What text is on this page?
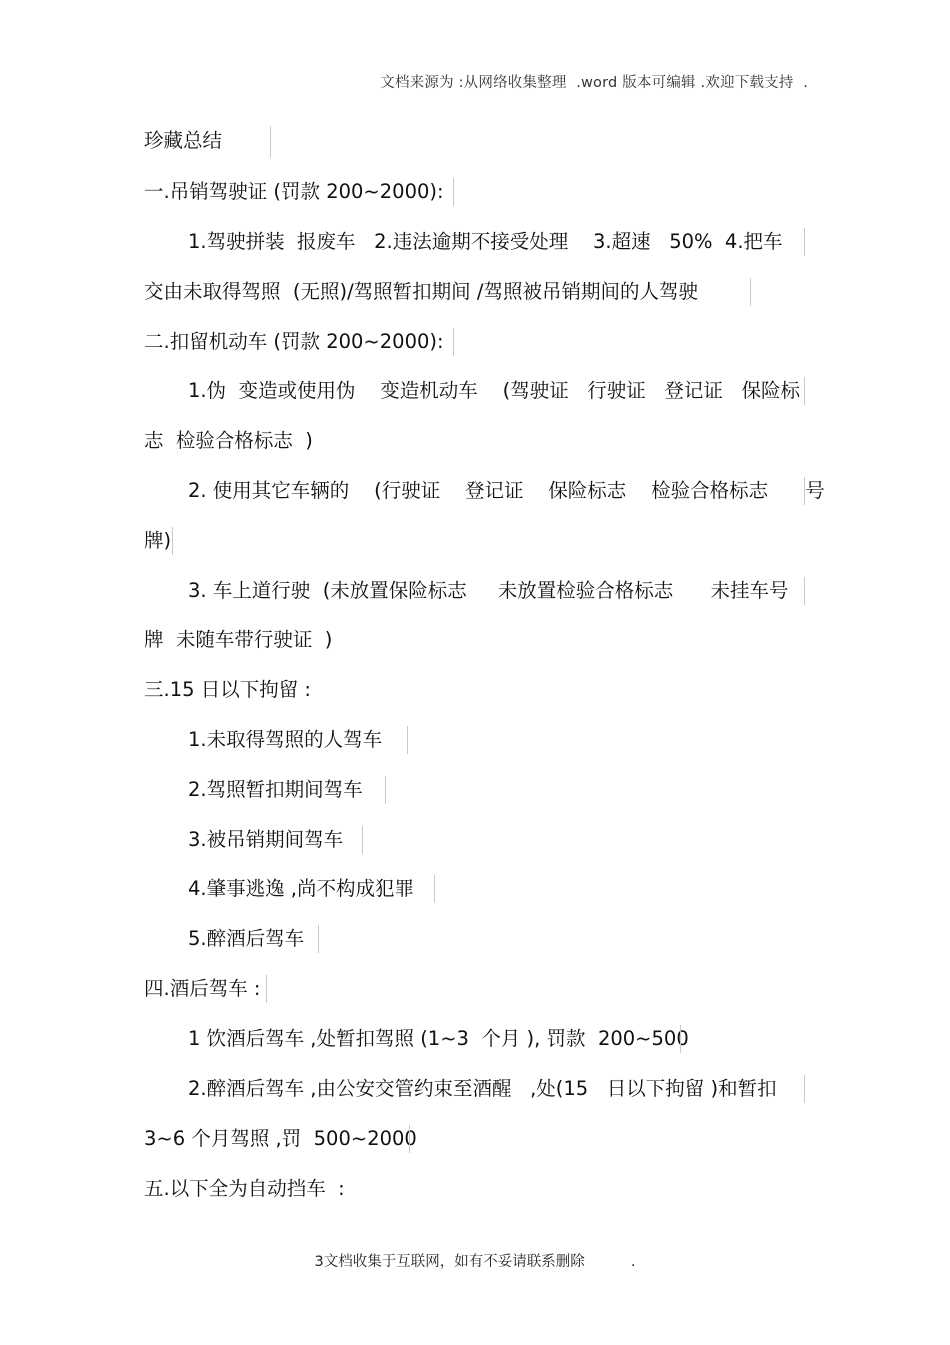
文档来源为 :从网络收集整理  .word 版本可编辑 .欢迎下载支持  .
珍藏总结
一.吊销驾驶证 (罚款 200~2000):
1.驾驶拼装  报废车   2.违法逾期不接受处理    3.超速   50%  4.把车
交由未取得驾照  (无照)/驾照暂扣期间 /驾照被吊销期间的人驾驶
二.扣留机动车 (罚款 200~2000):
1.伪  变造或使用伪    变造机动车    (驾驶证   行驶证   登记证   保险标
志  检验合格标志  )
2. 使用其它车辆的    (行驶证    登记证    保险标志    检验合格标志      号
牌)
3. 车上道行驶  (未放置保险标志     未放置检验合格标志      未挂车号
牌  未随车带行驶证  )
三.15 日以下拘留 :
1.未取得驾照的人驾车
2.驾照暂扣期间驾车
3.被吊销期间驾车
4.肇事逃逸 ,尚不构成犯罪
5.醉酒后驾车
四.酒后驾车 :
1 饮酒后驾车 ,处暂扣驾照 (1~3  个月 ), 罚款  200~500
2.醉酒后驾车 ,由公安交管约束至酒醒   ,处(15   日以下拘留 )和暂扣
3~6 个月驾照 ,罚  500~2000
五.以下全为自动挡车  :
3文档收集于互联网，如有不妥请联系删除          .
